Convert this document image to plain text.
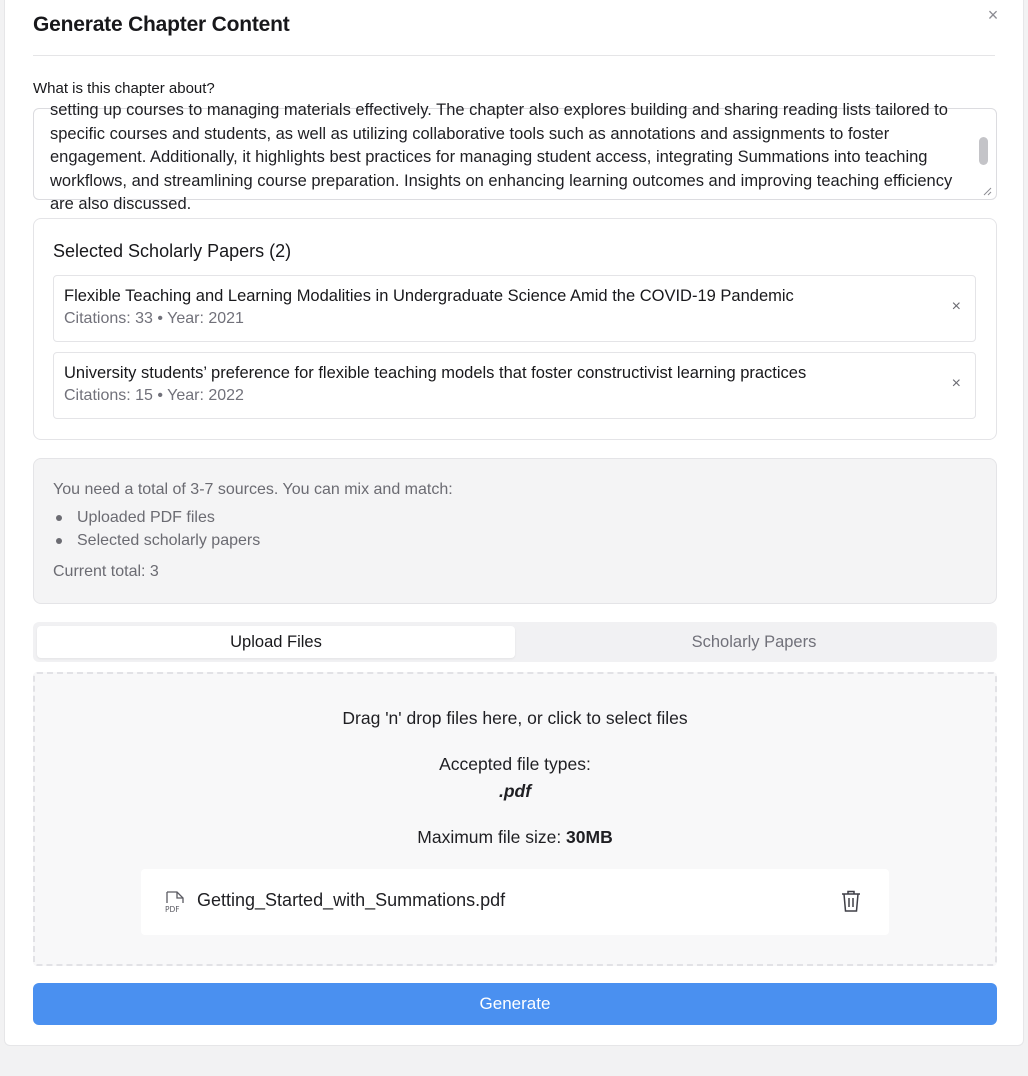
Generate Chapter Content	×
What is this chapter about?
setting up courses to managing materials effectively. The chapter also explores building and sharing reading lists tailored to specific courses and students, as well as utilizing collaborative tools such as annotations and assignments to foster engagement. Additionally, it highlights best practices for managing student access, integrating Summations into teaching workflows, and streamlining course preparation. Insights on enhancing learning outcomes and improving teaching efficiency are also discussed.
Selected Scholarly Papers (2)
Flexible Teaching and Learning Modalities in Undergraduate Science Amid the COVID-19 Pandemic
Citations: 33 • Year: 2021
×
University students’ preference for flexible teaching models that foster constructivist learning practices
Citations: 15 • Year: 2022
×
You need a total of 3-7 sources. You can mix and match:
Uploaded PDF files
Selected scholarly papers
Current total: 3
Upload Files	Scholarly Papers
Drag 'n' drop files here, or click to select files
Accepted file types:
.pdf
Maximum file size: 30MB
PDF Getting_Started_with_Summations.pdf
Generate
